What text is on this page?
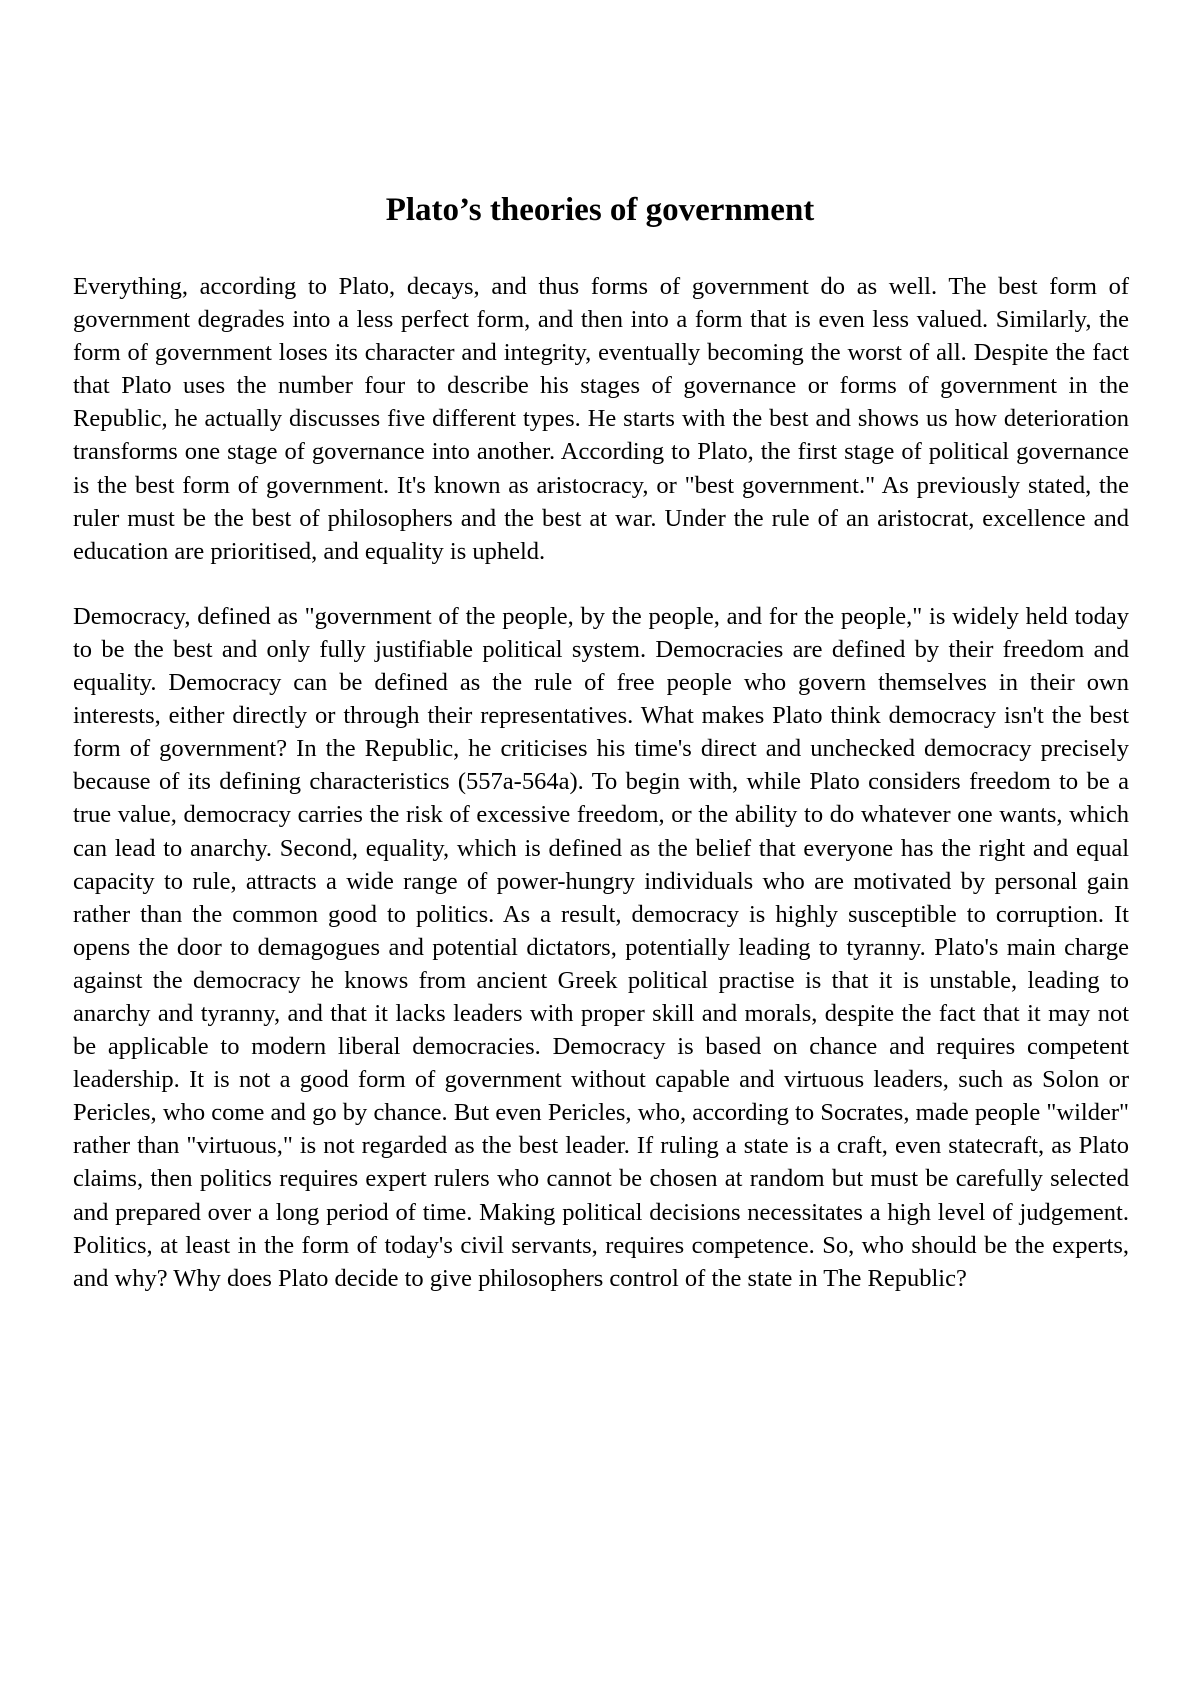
Plato’s theories of government

Everything, according to Plato, decays, and thus forms of government do as well. The best form of government degrades into a less perfect form, and then into a form that is even less valued. Similarly, the form of government loses its character and integrity, eventually becoming the worst of all. Despite the fact that Plato uses the number four to describe his stages of governance or forms of government in the Republic, he actually discusses five different types. He starts with the best and shows us how deterioration transforms one stage of governance into another. According to Plato, the first stage of political governance is the best form of government. It's known as aristocracy, or "best government." As previously stated, the ruler must be the best of philosophers and the best at war. Under the rule of an aristocrat, excellence and education are prioritised, and equality is upheld.

Democracy, defined as "government of the people, by the people, and for the people," is widely held today to be the best and only fully justifiable political system. Democracies are defined by their freedom and equality. Democracy can be defined as the rule of free people who govern themselves in their own interests, either directly or through their representatives. What makes Plato think democracy isn't the best form of government? In the Republic, he criticises his time's direct and unchecked democracy precisely because of its defining characteristics (557a-564a). To begin with, while Plato considers freedom to be a true value, democracy carries the risk of excessive freedom, or the ability to do whatever one wants, which can lead to anarchy. Second, equality, which is defined as the belief that everyone has the right and equal capacity to rule, attracts a wide range of power-hungry individuals who are motivated by personal gain rather than the common good to politics. As a result, democracy is highly susceptible to corruption. It opens the door to demagogues and potential dictators, potentially leading to tyranny. Plato's main charge against the democracy he knows from ancient Greek political practise is that it is unstable, leading to anarchy and tyranny, and that it lacks leaders with proper skill and morals, despite the fact that it may not be applicable to modern liberal democracies. Democracy is based on chance and requires competent leadership. It is not a good form of government without capable and virtuous leaders, such as Solon or Pericles, who come and go by chance. But even Pericles, who, according to Socrates, made people "wilder" rather than "virtuous," is not regarded as the best leader. If ruling a state is a craft, even statecraft, as Plato claims, then politics requires expert rulers who cannot be chosen at random but must be carefully selected and prepared over a long period of time. Making political decisions necessitates a high level of judgement. Politics, at least in the form of today's civil servants, requires competence. So, who should be the experts, and why? Why does Plato decide to give philosophers control of the state in The Republic?
